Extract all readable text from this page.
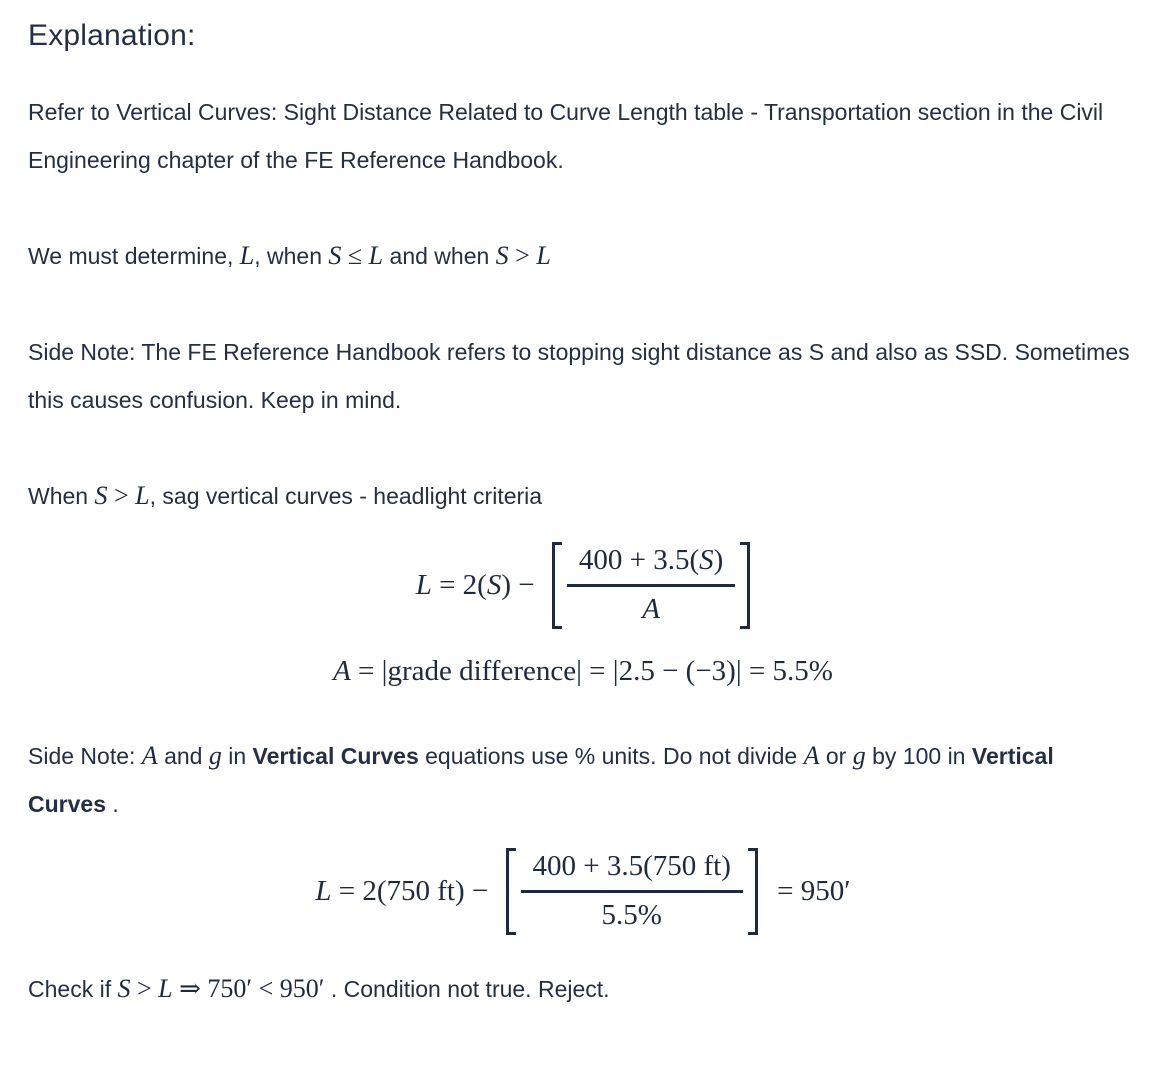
Explanation:

Refer to Vertical Curves: Sight Distance Related to Curve Length table - Transportation section in the Civil Engineering chapter of the FE Reference Handbook.

We must determine, L, when S ≤ L and when S > L

Side Note: The FE Reference Handbook refers to stopping sight distance as S and also as SSD. Sometimes this causes confusion. Keep in mind.

When S > L, sag vertical curves - headlight criteria

$L = 2(S) - \frac{400 + 3.5(S)}{A}$
A = |grade difference| = |2.5 − (−3)| = 5.5%

Side Note: A and g in Vertical Curves equations use % units. Do not divide A or g by 100 in Vertical Curves .

L = 2(750 $ft) - \frac{400 + 3.5(750 ft)}{5.5\%} = 950'$

Check if S > L ⇒ 750′ < 950′ . Condition not true. Reject.
